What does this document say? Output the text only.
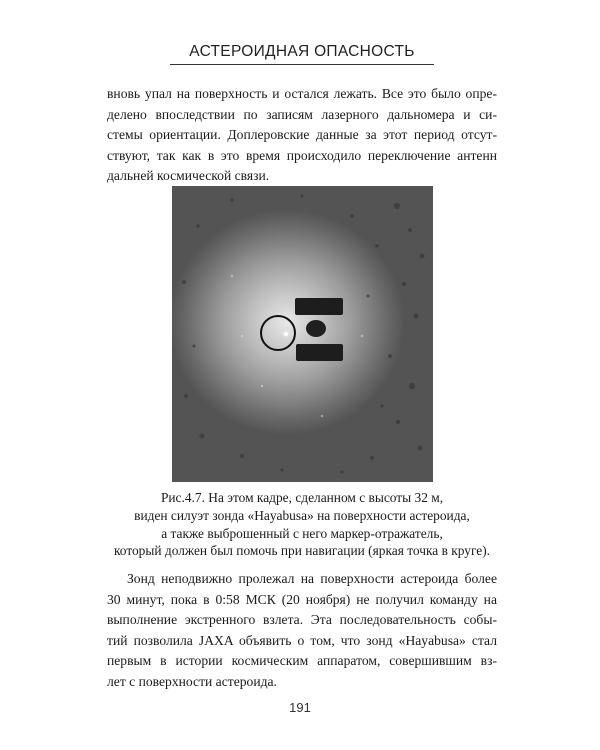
АСТЕРОИДНАЯ ОПАСНОСТЬ

вновь упал на поверхность и остался лежать. Все это было опре-
делено впоследствии по записям лазерного дальномера и си-
стемы ориентации. Доплеровские данные за этот период отсут-
ствуют, так как в это время происходило переключение антенн
дальней космической связи.

Рис.4.7. На этом кадре, сделанном с высоты 32 м,
виден силуэт зонда «Hayabusa» на поверхности астероида,
а также выброшенный с него маркер-отражатель,
который должен был помочь при навигации (яркая точка в круге).

Зонд неподвижно пролежал на поверхности астероида более
30 минут, пока в 0:58 МСК (20 ноября) не получил команду на
выполнение экстренного взлета. Эта последовательность собы-
тий позволила JAXA объявить о том, что зонд «Hayabusa» стал
первым в истории космическим аппаратом, совершившим вз-
лет с поверхности астероида.

191
